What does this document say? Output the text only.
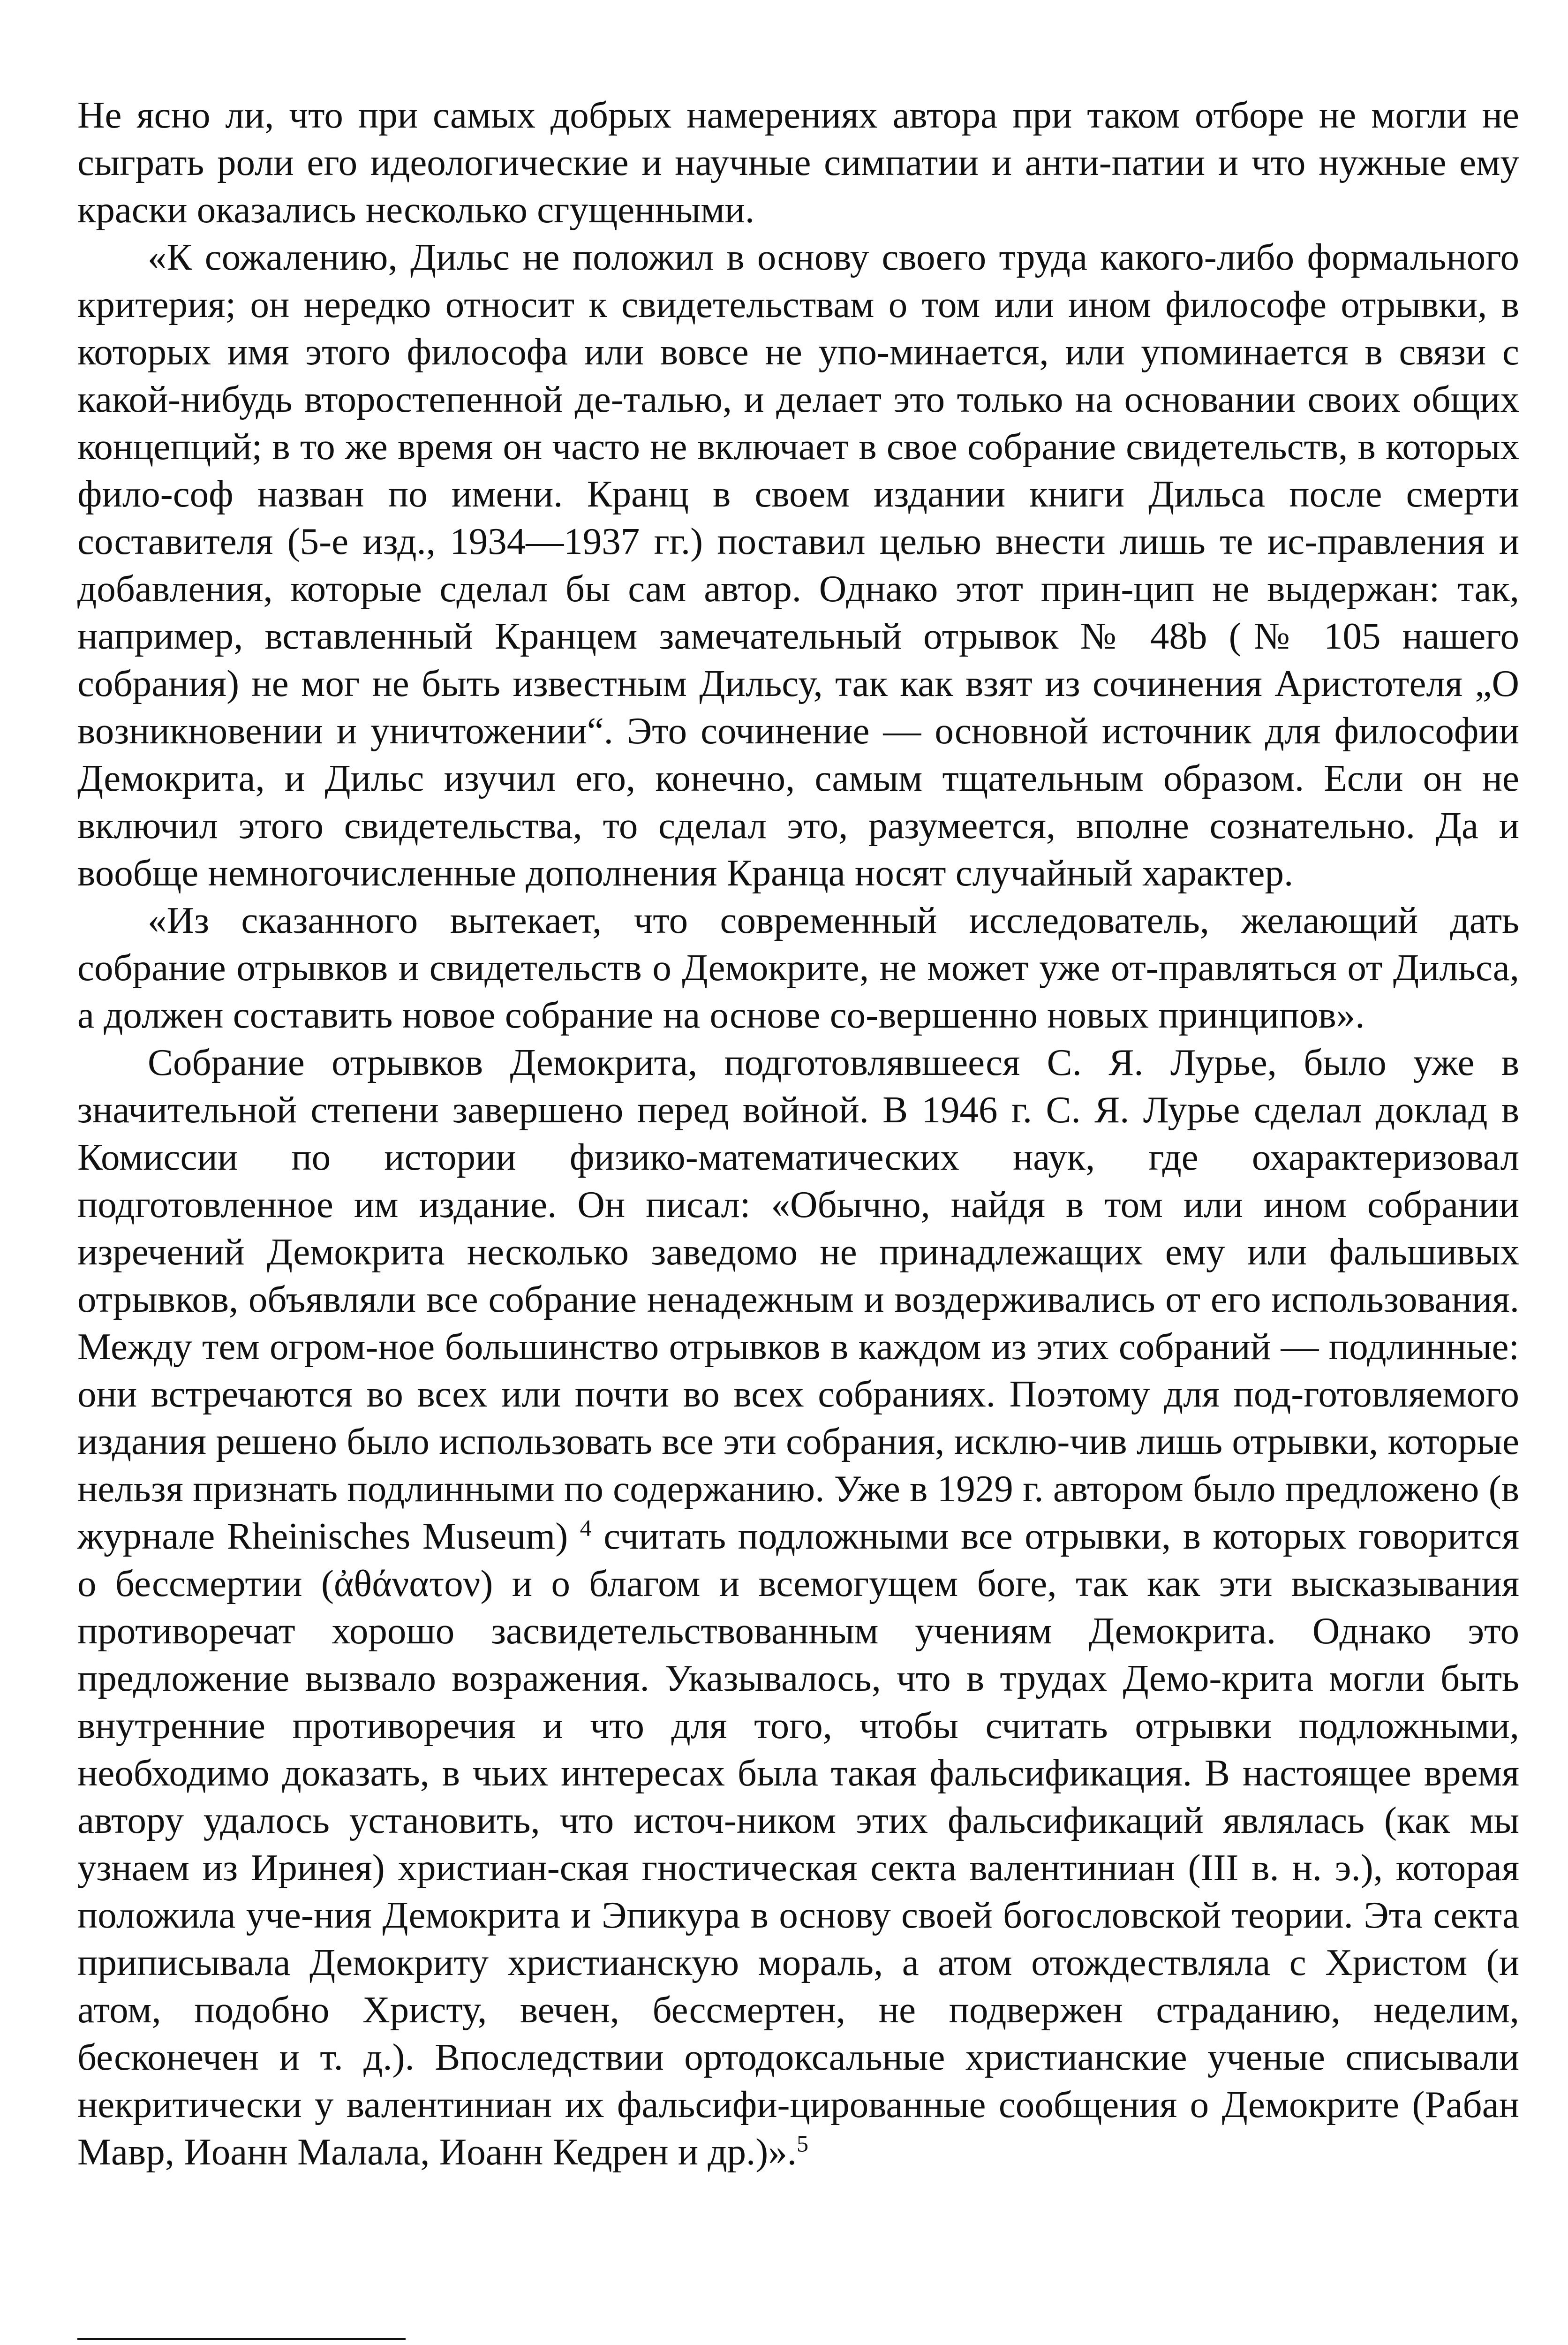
Не ясно ли, что при самых добрых намерениях автора при таком отборе не могли не сыграть роли его идеологические и научные симпатии и анти-патии и что нужные ему краски оказались несколько сгущенными.

«К сожалению, Дильс не положил в основу своего труда какого-либо формального критерия; он нередко относит к свидетельствам о том или ином философе отрывки, в которых имя этого философа или вовсе не упо-минается, или упоминается в связи с какой-нибудь второстепенной де-талью, и делает это только на основании своих общих концепций; в то же время он часто не включает в свое собрание свидетельств, в которых фило-соф назван по имени. Кранц в своем издании книги Дильса после смерти составителя (5-е изд., 1934—1937 гг.) поставил целью внести лишь те ис-правления и добавления, которые сделал бы сам автор. Однако этот прин-цип не выдержан: так, например, вставленный Кранцем замечательный отрывок № 48b (№ 105 нашего собрания) не мог не быть известным Дильсу, так как взят из сочинения Аристотеля „О возникновении и уничтожении“. Это сочинение — основной источник для философии Демокрита, и Дильс изучил его, конечно, самым тщательным образом. Если он не включил этого свидетельства, то сделал это, разумеется, вполне сознательно. Да и вообще немногочисленные дополнения Кранца носят случайный характер.

«Из сказанного вытекает, что современный исследователь, желающий дать собрание отрывков и свидетельств о Демокрите, не может уже от-правляться от Дильса, а должен составить новое собрание на основе со-вершенно новых принципов».

Собрание отрывков Демокрита, подготовлявшееся С. Я. Лурье, было уже в значительной степени завершено перед войной. В 1946 г. С. Я. Лурье сделал доклад в Комиссии по истории физико-математических наук, где охарактеризовал подготовленное им издание. Он писал: «Обычно, найдя в том или ином собрании изречений Демокрита несколько заведомо не принадлежащих ему или фальшивых отрывков, объявляли все собрание ненадежным и воздерживались от его использования. Между тем огром-ное большинство отрывков в каждом из этих собраний — подлинные: они встречаются во всех или почти во всех собраниях. Поэтому для под-готовляемого издания решено было использовать все эти собрания, исклю-чив лишь отрывки, которые нельзя признать подлинными по содержанию. Уже в 1929 г. автором было предложено (в журнале Rheinisches Museum) $^4$ считать подложными все отрывки, в которых говорится о бессмертии (ἀθάνατον) и о благом и всемогущем боге, так как эти высказывания противоречат хорошо засвидетельствованным учениям Демокрита. Однако это предложение вызвало возражения. Указывалось, что в трудах Демо-крита могли быть внутренние противоречия и что для того, чтобы считать отрывки подложными, необходимо доказать, в чьих интересах была такая фальсификация. В настоящее время автору удалось установить, что источ-ником этих фальсификаций являлась (как мы узнаем из Иринея) христиан-ская гностическая секта валентиниан (III в. н. э.), которая положила уче-ния Демокрита и Эпикура в основу своей богословской теории. Эта секта приписывала Демокриту христианскую мораль, а атом отождествляла с Христом (и атом, подобно Христу, вечен, бессмертен, не подвержен страданию, неделим, бесконечен и т. д.). Впоследствии ортодоксальные христианские ученые списывали некритически у валентиниан их фальсифи-цированные сообщения о Демокрите (Рабан Мавр, Иоанн Малала, Иоанн Кедрен и др.)».$^5$
